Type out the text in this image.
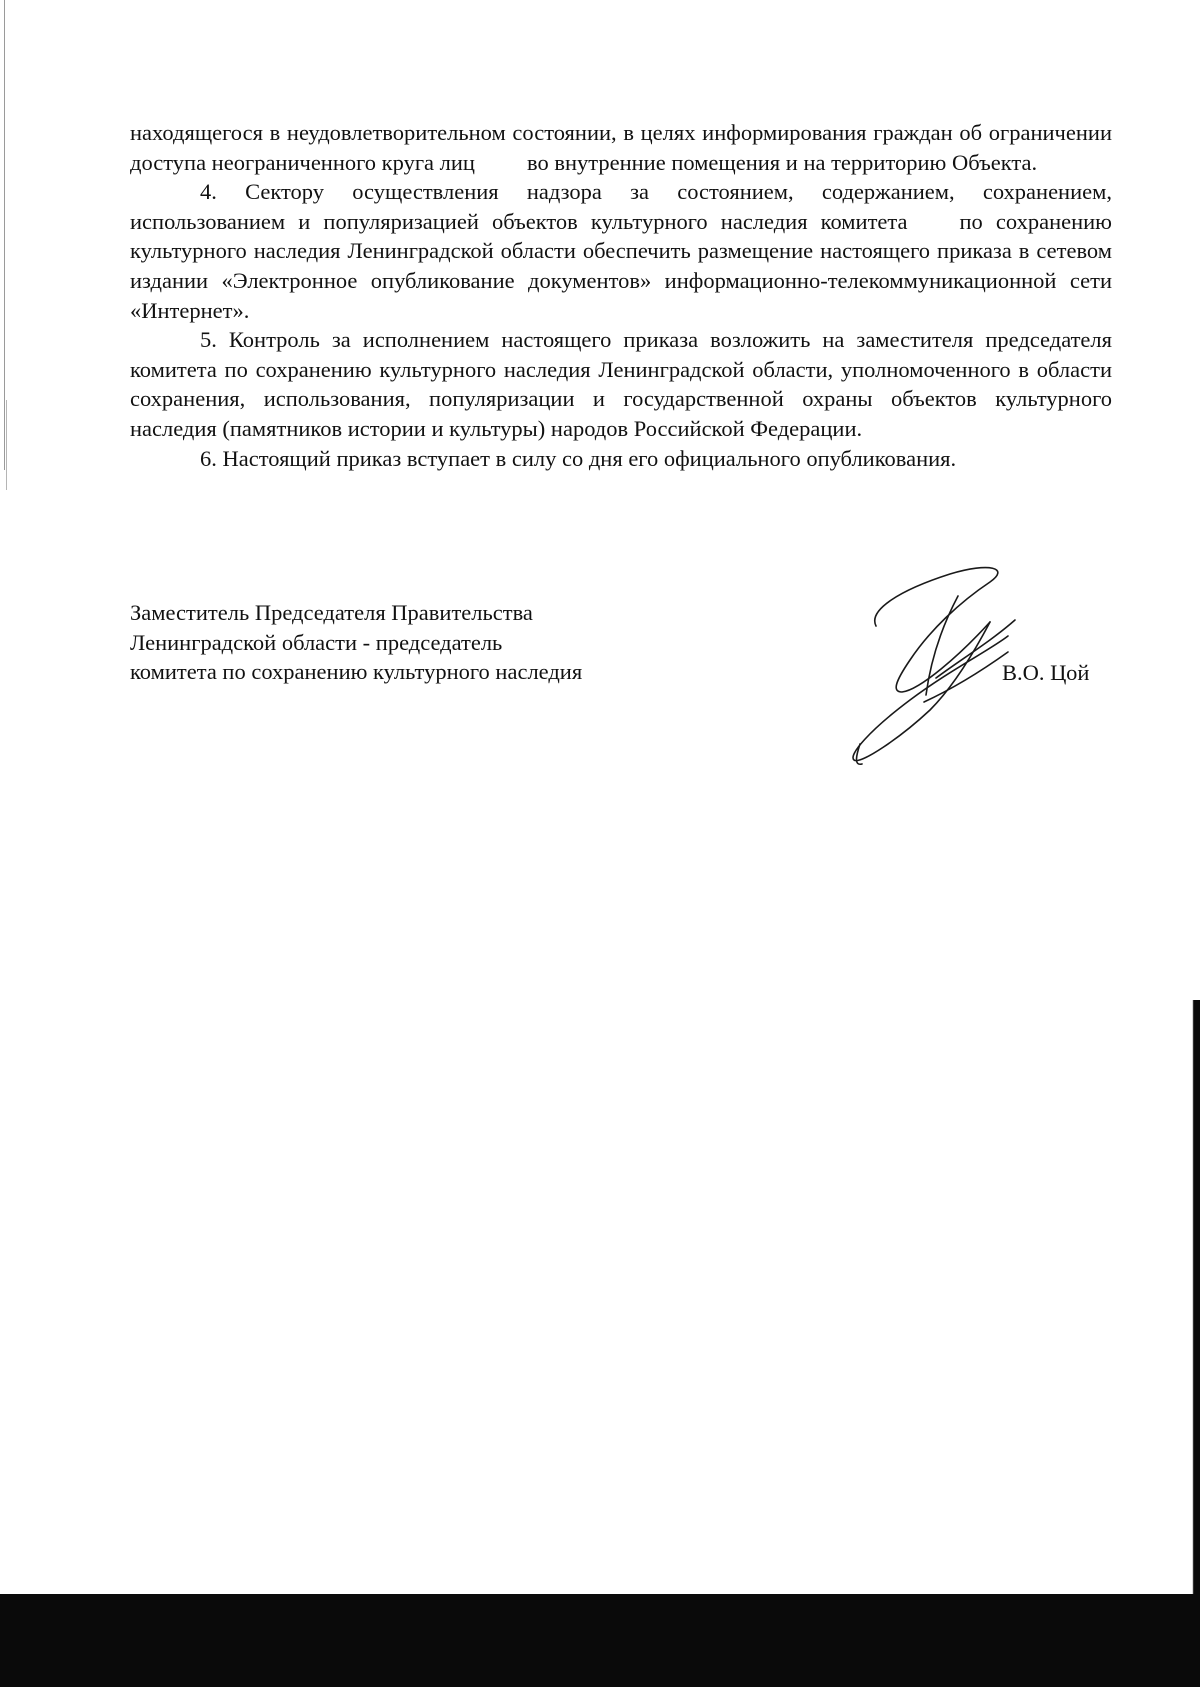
находящегося в неудовлетворительном состоянии, в целях информирования граждан об ограничении доступа неограниченного круга лиц во внутренние помещения и на территорию Объекта.

4. Сектору осуществления надзора за состоянием, содержанием, сохранением, использованием и популяризацией объектов культурного наследия комитета по сохранению культурного наследия Ленинградской области обеспечить размещение настоящего приказа в сетевом издании «Электронное опубликование документов» информационно-телекоммуникационной сети «Интернет».

5. Контроль за исполнением настоящего приказа возложить на заместителя председателя комитета по сохранению культурного наследия Ленинградской области, уполномоченного в области сохранения, использования, популяризации и государственной охраны объектов культурного наследия (памятников истории и культуры) народов Российской Федерации.

6. Настоящий приказ вступает в силу со дня его официального опубликования.

Заместитель Председателя Правительства
Ленинградской области - председатель
комитета по сохранению культурного наследия	В.О. Цой
